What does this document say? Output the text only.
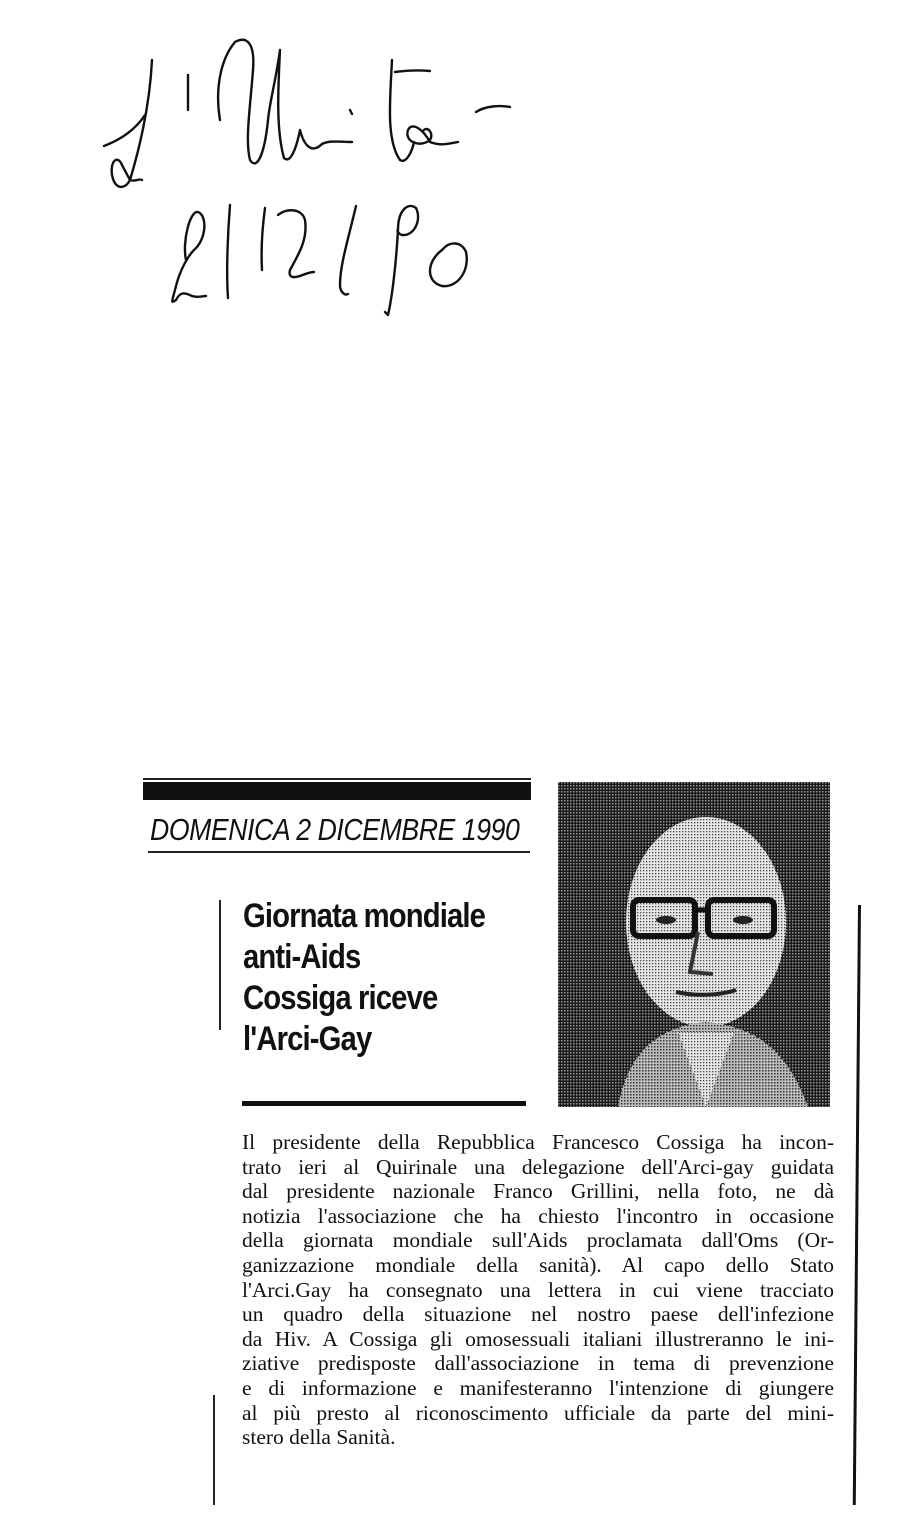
DOMENICA 2 DICEMBRE 1990
Giornata mondiale
anti-Aids
Cossiga riceve
l'Arci-Gay
Il presidente della Repubblica Francesco Cossiga ha incon-
trato ieri al Quirinale una delegazione dell'Arci-gay guidata
dal presidente nazionale Franco Grillini, nella foto, ne dà
notizia l'associazione che ha chiesto l'incontro in occasione
della giornata mondiale sull'Aids proclamata dall'Oms (Or-
ganizzazione mondiale della sanità). Al capo dello Stato
l'Arci.Gay ha consegnato una lettera in cui viene tracciato
un quadro della situazione nel nostro paese dell'infezione
da Hiv. A Cossiga gli omosessuali italiani illustreranno le ini-
ziative predisposte dall'associazione in tema di prevenzione
e di informazione e manifesteranno l'intenzione di giungere
al più presto al riconoscimento ufficiale da parte del mini-
stero della Sanità.
